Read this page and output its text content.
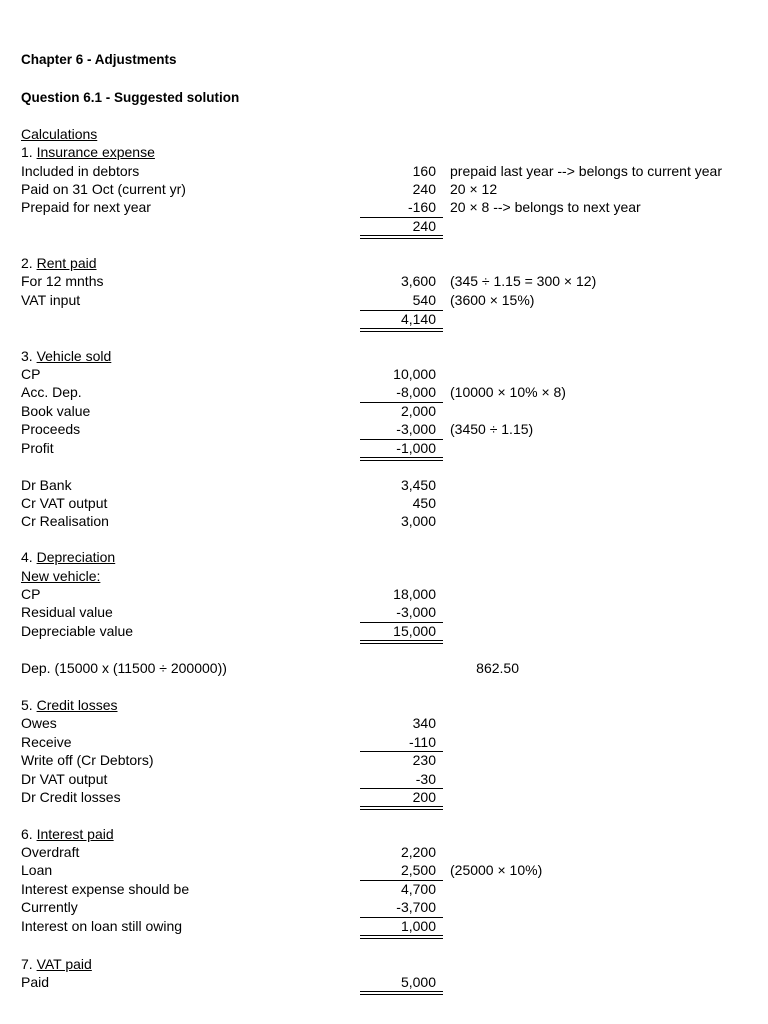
Chapter 6 - Adjustments
Question 6.1 - Suggested solution
Calculations
1. Insurance expense
Included in debtors	160 prepaid last year --> belongs to current year
Paid on 31 Oct (current yr)	240 20 × 12
Prepaid for next year	-160 20 × 8 --> belongs to next year
240
2. Rent paid
For 12 mnths	3,600 (345 ÷ 1.15 = 300 × 12)
VAT input	540 (3600 × 15%)
4,140
3. Vehicle sold
CP	10,000
Acc. Dep.	-8,000 (10000 × 10% × 8)
Book value	2,000
Proceeds	-3,000 (3450 ÷ 1.15)
Profit	-1,000
Dr Bank	3,450
Cr VAT output	450
Cr Realisation	3,000
4. Depreciation
New vehicle:
CP	18,000
Residual value	-3,000
Depreciable value	15,000
Dep. (15000 x (11500 ÷ 200000))	862.50
5. Credit losses
Owes	340
Receive	-110
Write off (Cr Debtors)	230
Dr VAT output	-30
Dr Credit losses	200
6. Interest paid
Overdraft	2,200
Loan	2,500 (25000 × 10%)
Interest expense should be	4,700
Currently	-3,700
Interest on loan still owing	1,000
7. VAT paid
Paid	5,000
